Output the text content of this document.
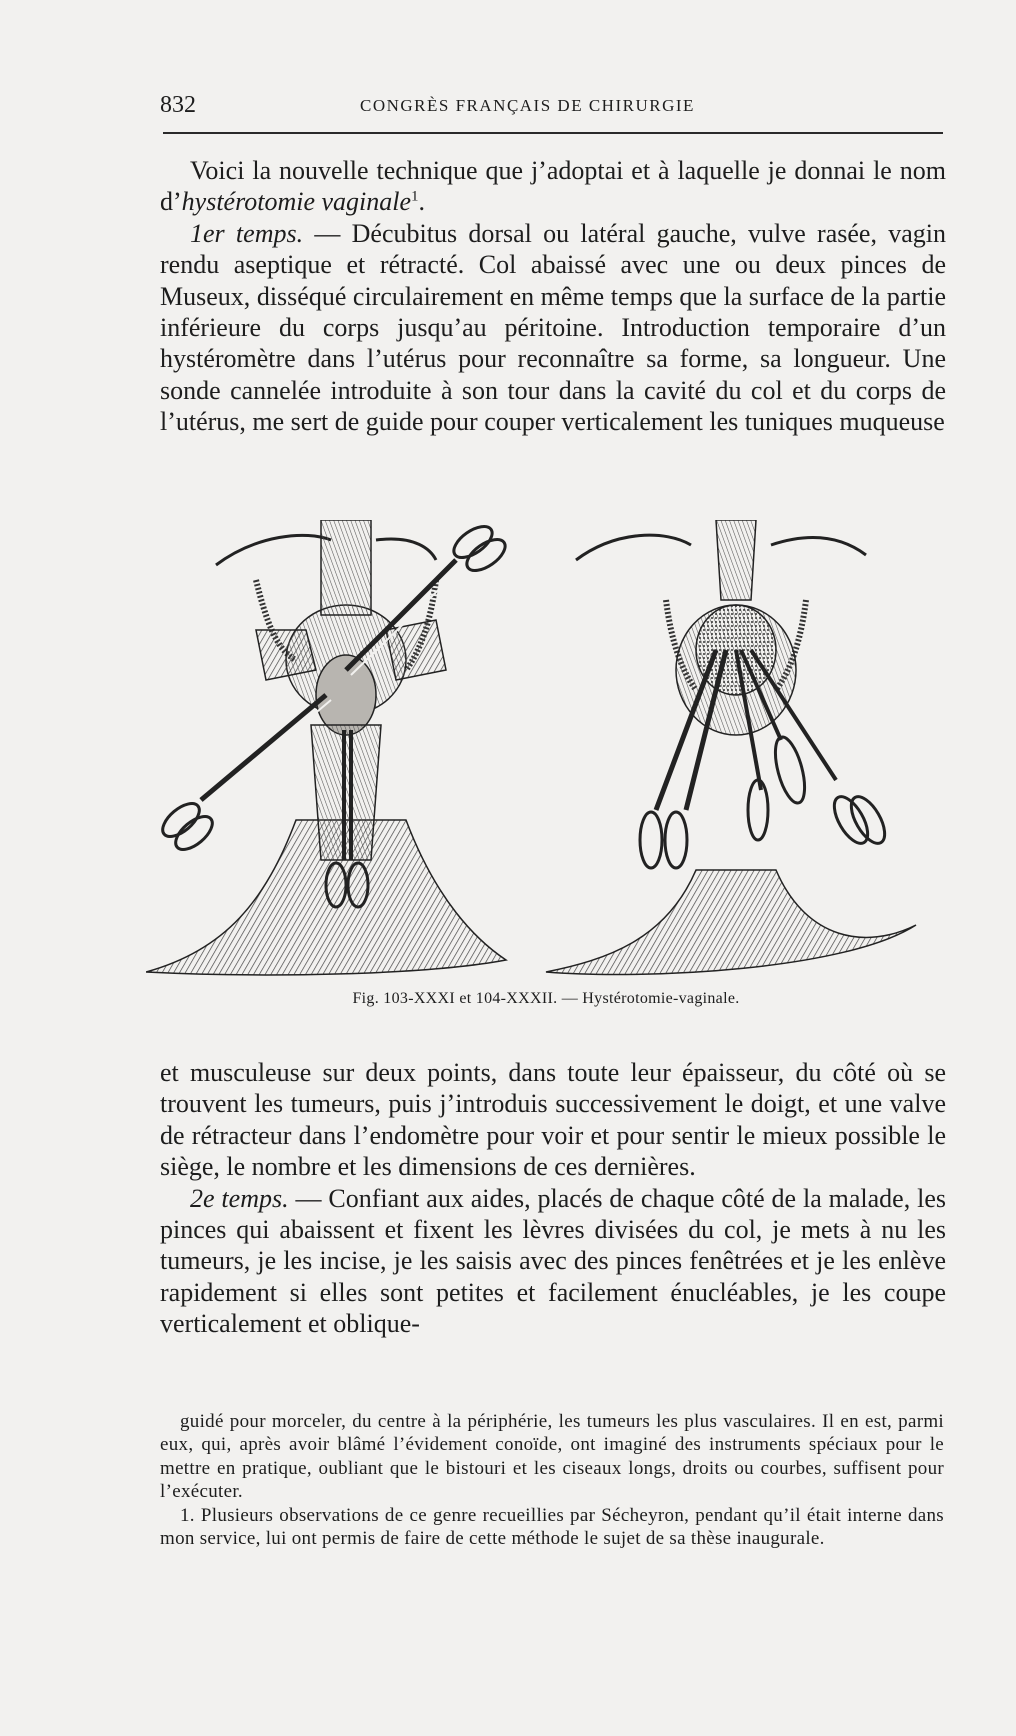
832	CONGRÈS FRANÇAIS DE CHIRURGIE

Voici la nouvelle technique que j’adoptai et à laquelle je donnai le nom d’hystérotomie vaginale$^1$.

1er temps. — Décubitus dorsal ou latéral gauche, vulve rasée, vagin rendu aseptique et rétracté. Col abaissé avec une ou deux pinces de Museux, disséqué circulairement en même temps que la surface de la partie inférieure du corps jusqu’au péritoine. Introduction temporaire d’un hystéromètre dans l’utérus pour reconnaître sa forme, sa longueur. Une sonde cannelée introduite à son tour dans la cavité du col et du corps de l’utérus, me sert de guide pour couper verticalement les tuniques muqueuse

Fig. 103-XXXI et 104-XXXII. — Hystérotomie-vaginale.

et musculeuse sur deux points, dans toute leur épaisseur, du côté où se trouvent les tumeurs, puis j’introduis successivement le doigt, et une valve de rétracteur dans l’endomètre pour voir et pour sentir le mieux possible le siège, le nombre et les dimensions de ces dernières.

2e temps. — Confiant aux aides, placés de chaque côté de la malade, les pinces qui abaissent et fixent les lèvres divisées du col, je mets à nu les tumeurs, je les incise, je les saisis avec des pinces fenêtrées et je les enlève rapidement si elles sont petites et facilement énucléables, je les coupe verticalement et oblique-

guidé pour morceler, du centre à la périphérie, les tumeurs les plus vasculaires. Il en est, parmi eux, qui, après avoir blâmé l’évidement conoïde, ont imaginé des instruments spéciaux pour le mettre en pratique, oubliant que le bistouri et les ciseaux longs, droits ou courbes, suffisent pour l’exécuter.

1. Plusieurs observations de ce genre recueillies par Sécheyron, pendant qu’il était interne dans mon service, lui ont permis de faire de cette méthode le sujet de sa thèse inaugurale.
